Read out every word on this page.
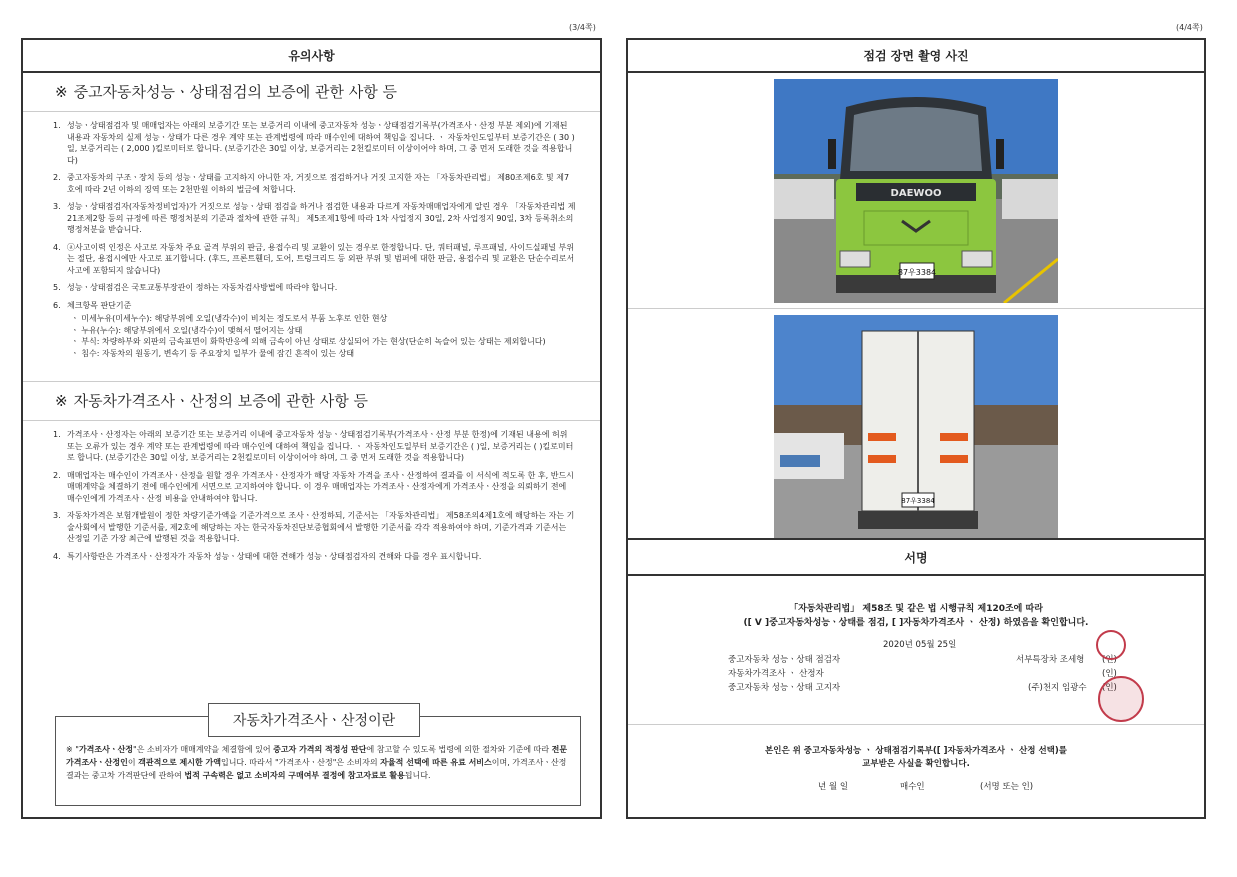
(3/4쪽)	(4/4쪽)
유의사항
※ 중고자동차성능ㆍ상태점검의 보증에 관한 사항 등
1. 성능ㆍ상태점검자 및 매매업자는 아래의 보증기간 또는 보증거리 이내에 중고자동차 성능ㆍ상태점검기록부(가격조사ㆍ산정 부분 제외)에 기재된 내용과 자동차의 실제 성능ㆍ상태가 다른 경우 계약 또는 관계법령에 따라 매수인에 대하여 책임을 집니다. ㆍ 자동차인도일부터 보증기간은 ( 30 )일, 보증거리는 ( 2,000 )킬로미터로 합니다. (보증기간은 30일 이상, 보증거리는 2천킬로미터 이상이어야 하며, 그 중 먼저 도래한 것을 적용합니다)
2. 중고자동차의 구조ㆍ장치 등의 성능ㆍ상태를 고지하지 아니한 자, 거짓으로 점검하거나 거짓 고지한 자는 「자동차관리법」 제80조제6호 및 제7호에 따라 2년 이하의 징역 또는 2천만원 이하의 벌금에 처합니다.
3. 성능ㆍ상태점검자(자동차정비업자)가 거짓으로 성능ㆍ상태 점검을 하거나 점검한 내용과 다르게 자동차매매업자에게 알린 경우 「자동차관리법 제21조제2항 등의 규정에 따른 행정처분의 기준과 절차에 관한 규칙」 제5조제1항에 따라 1차 사업정지 30일, 2차 사업정지 90일, 3차 등록취소의 행정처분을 받습니다.
4. ⓐ사고이력 인정은 사고로 자동차 주요 골격 부위의 판금, 용접수리 및 교환이 있는 경우로 한정합니다. 단, 쿼터패널, 루프패널, 사이드실패널 부위는 절단, 용접시에만 사고로 표기합니다. (후드, 프론트휀더, 도어, 트렁크리드 등 외판 부위 및 범퍼에 대한 판금, 용접수리 및 교환은 단순수리로서 사고에 포함되지 않습니다)
5. 성능ㆍ상태점검은 국토교통부장관이 정하는 자동차검사방법에 따라야 합니다.
6. 체크항목 판단기준
ㆍ 미세누유(미세누수): 해당부위에 오일(냉각수)이 비치는 정도로서 부품 노후로 인한 현상
ㆍ 누유(누수): 해당부위에서 오일(냉각수)이 맺혀서 떨어지는 상태
ㆍ 부식: 차량하부와 외판의 금속표면이 화학반응에 의해 금속이 아닌 상태로 상실되어 가는 현상(단순히 녹슬어 있는 상태는 제외합니다)
ㆍ 침수: 자동차의 원동기, 변속기 등 주요장치 일부가 물에 잠긴 흔적이 있는 상태
※ 자동차가격조사ㆍ산정의 보증에 관한 사항 등
1. 가격조사ㆍ산정자는 아래의 보증기간 또는 보증거리 이내에 중고자동차 성능ㆍ상태점검기록부(가격조사ㆍ산정 부분 한정)에 기재된 내용에 허위 또는 오류가 있는 경우 계약 또는 관계법령에 따라 매수인에 대하여 책임을 집니다. ㆍ 자동차인도일부터 보증기간은 ( )일, 보증거리는 ( )킬로미터로 합니다. (보증기간은 30일 이상, 보증거리는 2천킬로미터 이상이어야 하며, 그 중 먼저 도래한 것을 적용합니다)
2. 매매업자는 매수인이 가격조사ㆍ산정을 원할 경우 가격조사ㆍ산정자가 해당 자동차 가격을 조사ㆍ산정하여 결과를 이 서식에 적도록 한 후, 반드시 매매계약을 체결하기 전에 매수인에게 서면으로 고지하여야 합니다. 이 경우 매매업자는 가격조사ㆍ산정자에게 가격조사ㆍ산정을 의뢰하기 전에 매수인에게 가격조사ㆍ산정 비용을 안내하여야 합니다.
3. 자동차가격은 보험개발원이 정한 차량기준가액을 기준가격으로 조사ㆍ산정하되, 기준서는 「자동차관리법」 제58조의4제1호에 해당하는 자는 기술사회에서 발행한 기준서를, 제2호에 해당하는 자는 한국자동차진단보증협회에서 발행한 기준서를 각각 적용하여야 하며, 기준가격과 기준서는 산정일 기준 가장 최근에 발행된 것을 적용합니다.
4. 특기사항란은 가격조사ㆍ산정자가 자동차 성능ㆍ상태에 대한 견해가 성능ㆍ상태점검자의 견해와 다를 경우 표시합니다.
자동차가격조사ㆍ산정이란
※ "가격조사ㆍ산정"은 소비자가 매매계약을 체결함에 있어 중고자 가격의 적정성 판단에 참고할 수 있도록 법령에 의한 절차와 기준에 따라 전문 가격조사ㆍ산정인이 객관적으로 제시한 가액입니다. 따라서 "가격조사ㆍ산정"은 소비자의 자율적 선택에 따른 유료 서비스이며, 가격조사ㆍ산정 결과는 중고차 가격판단에 관하여 법적 구속력은 없고 소비자의 구매여부 결정에 참고자료로 활용됩니다.
점검 장면 촬영 사진
DAEWOO
87우3384
87우3384
서명
「자동차관리법」 제58조 및 같은 법 시행규칙 제120조에 따라
([ V ]중고자동차성능ㆍ상태를 점검, [ ]자동차가격조사 ㆍ 산정) 하였음을 확인합니다.
2020년 05월 25일
중고자동차 성능ㆍ상태 점검자	서부특장차 조세형 (인)
자동차가격조사 ㆍ 산정자	(인)
중고자동차 성능ㆍ상태 고지자	(주)천지 임광수 (인)
본인은 위 중고자동차성능 ㆍ 상태점검기록부([ ]자동차가격조사 ㆍ 산정 선택)를
교부받은 사실을 확인합니다.
년 월 일	매수인	(서명 또는 인)
